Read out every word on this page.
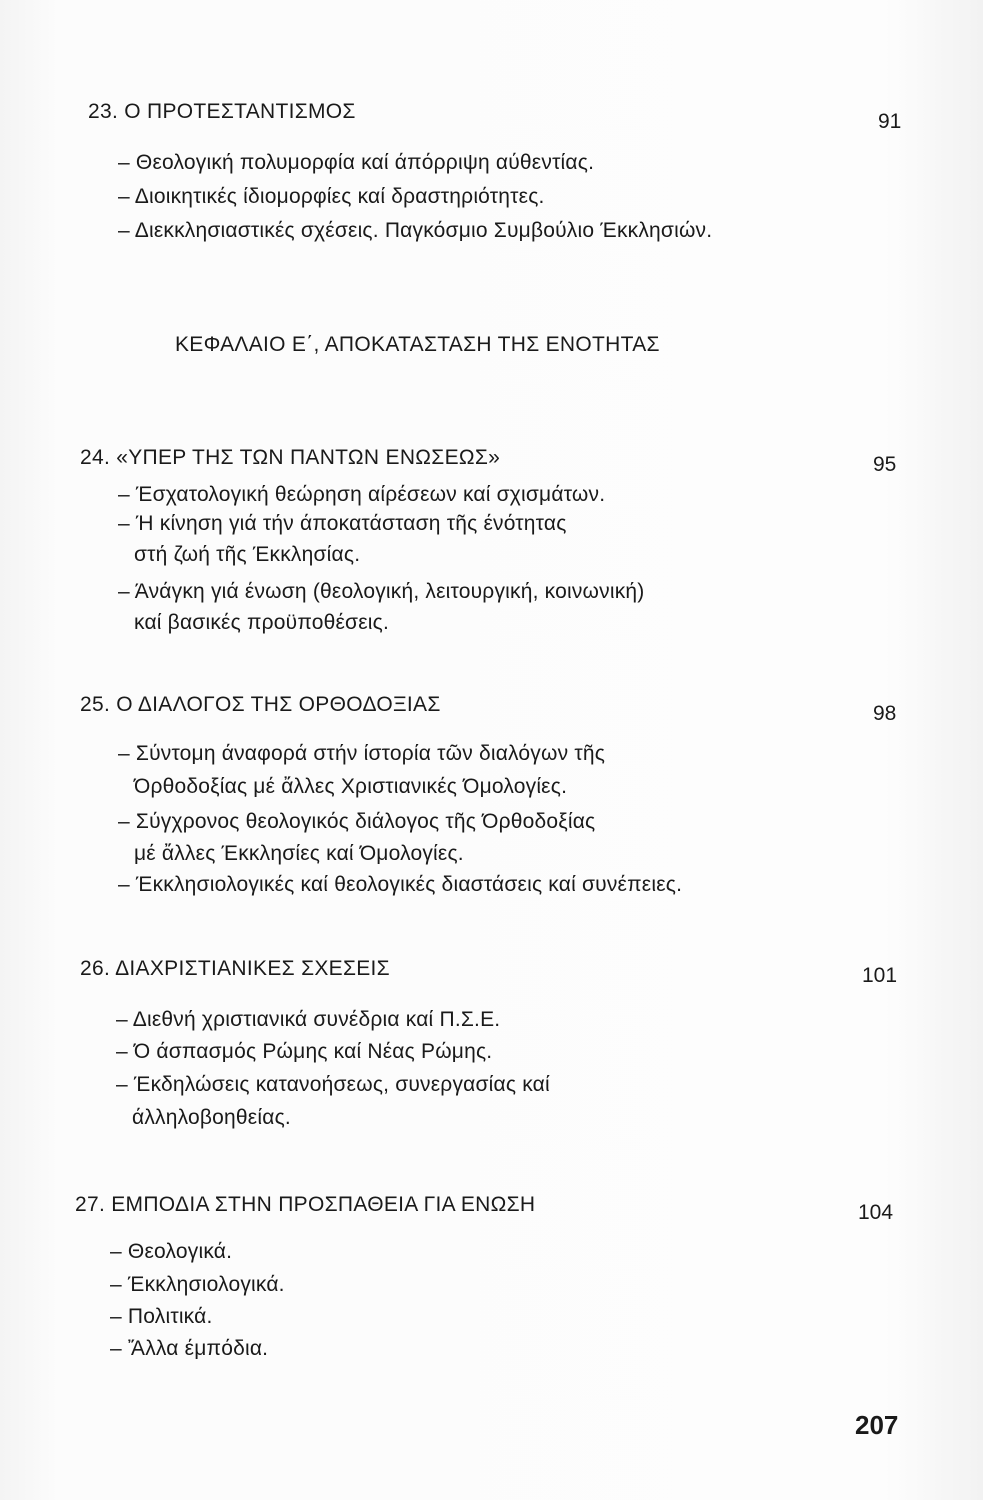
23. Ο ΠΡΟΤΕΣΤΑΝΤΙΣΜΟΣ	91
– Θεολογική πολυμορφία καί άπόρριψη αύθεντίας.
– Διοικητικές ίδιομορφίες καί δραστηριότητες.
– Διεκκλησιαστικές σχέσεις. Παγκόσμιο Συμβούλιο Έκκλησιών.
ΚΕΦΑΛΑΙΟ Ε΄, ΑΠΟΚΑΤΑΣΤΑΣΗ ΤΗΣ ΕΝΟΤΗΤΑΣ
24. «ΥΠΕΡ ΤΗΣ ΤΩΝ ΠΑΝΤΩΝ ΕΝΩΣΕΩΣ»	95
– Έσχατολογική θεώρηση αίρέσεων καί σχισμάτων.
– Ή κίνηση γιά τήν άποκατάσταση τῆς ένότητας
στή ζωή τῆς Έκκλησίας.
– Άνάγκη γιά ένωση (θεολογική, λειτουργική, κοινωνική)
καί βασικές προϋποθέσεις.
25. Ο ΔΙΑΛΟΓΟΣ ΤΗΣ ΟΡΘΟΔΟΞΙΑΣ	98
– Σύντομη άναφορά στήν ίστορία τῶν διαλόγων τῆς
Όρθοδοξίας μέ ἄλλες Χριστιανικές Όμολογίες.
– Σύγχρονος θεολογικός διάλογος τῆς Όρθοδοξίας
μέ ἄλλες Έκκλησίες καί Όμολογίες.
– Έκκλησιολογικές καί θεολογικές διαστάσεις καί συνέπειες.
26. ΔΙΑΧΡΙΣΤΙΑΝΙΚΕΣ ΣΧΕΣΕΙΣ	101
– Διεθνή χριστιανικά συνέδρια καί Π.Σ.Ε.
– Ό άσπασμός Ρώμης καί Νέας Ρώμης.
– Έκδηλώσεις κατανοήσεως, συνεργασίας καί
άλληλοβοηθείας.
27. ΕΜΠΟΔΙΑ ΣΤΗΝ ΠΡΟΣΠΑΘΕΙΑ ΓΙΑ ΕΝΩΣΗ	104
– Θεολογικά.
– Έκκλησιολογικά.
– Πολιτικά.
– Ἄλλα έμπόδια.
207
